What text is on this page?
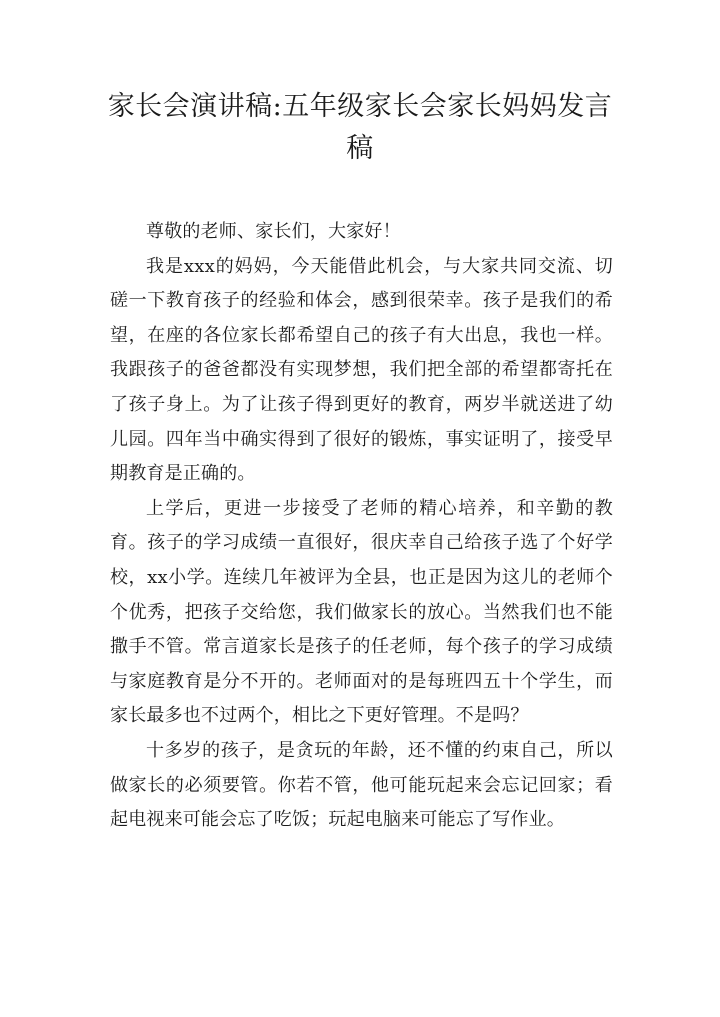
家长会演讲稿:五年级家长会家长妈妈发言稿

尊敬的老师、家长们，大家好！

我是xxx的妈妈，今天能借此机会，与大家共同交流、切磋一下教育孩子的经验和体会，感到很荣幸。孩子是我们的希望，在座的各位家长都希望自己的孩子有大出息，我也一样。我跟孩子的爸爸都没有实现梦想，我们把全部的希望都寄托在了孩子身上。为了让孩子得到更好的教育，两岁半就送进了幼儿园。四年当中确实得到了很好的锻炼，事实证明了，接受早期教育是正确的。

上学后，更进一步接受了老师的精心培养，和辛勤的教育。孩子的学习成绩一直很好，很庆幸自己给孩子选了个好学校，xx小学。连续几年被评为全县，也正是因为这儿的老师个个优秀，把孩子交给您，我们做家长的放心。当然我们也不能撒手不管。常言道家长是孩子的任老师，每个孩子的学习成绩与家庭教育是分不开的。老师面对的是每班四五十个学生，而家长最多也不过两个，相比之下更好管理。不是吗？

十多岁的孩子，是贪玩的年龄，还不懂的约束自己，所以做家长的必须要管。你若不管，他可能玩起来会忘记回家；看起电视来可能会忘了吃饭；玩起电脑来可能忘了写作业。
